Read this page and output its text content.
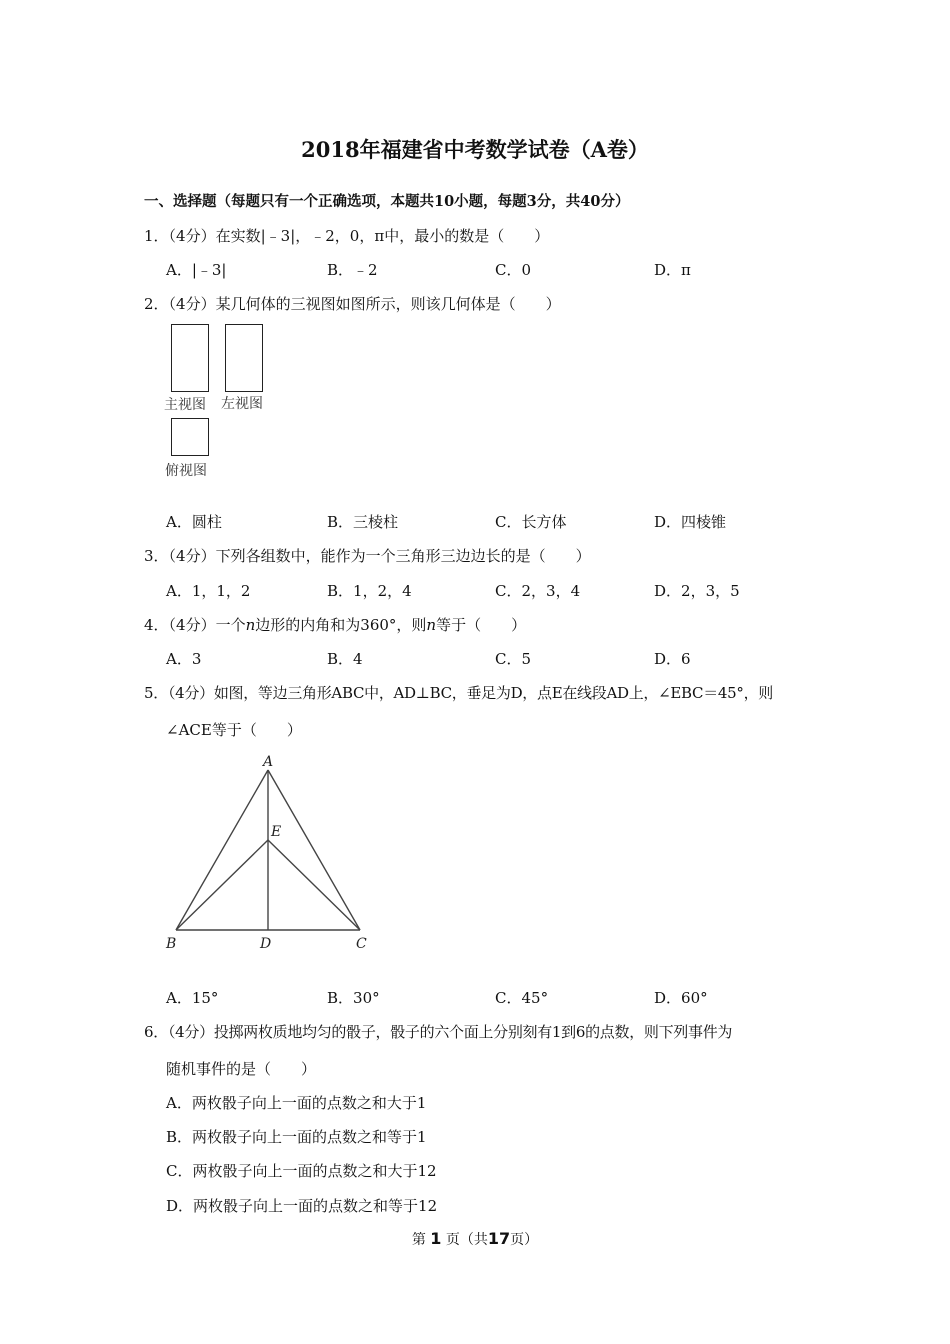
2018年福建省中考数学试卷（A卷）
一、选择题（每题只有一个正确选项，本题共10小题，每题3分，共40分）
1．（4分）在实数|﹣3|，﹣2，0，π中，最小的数是（　　）
A．|﹣3|	B．﹣2	C．0	D．π
2．（4分）某几何体的三视图如图所示，则该几何体是（　　）
主视图 左视图
俯视图
A．圆柱	B．三棱柱	C．长方体	D．四棱锥
3．（4分）下列各组数中，能作为一个三角形三边边长的是（　　）
A．1，1，2	B．1，2，4	C．2，3，4	D．2，3，5
4．（4分）一个n边形的内角和为360°，则n等于（　　）
A．3	B．4	C．5	D．6
5．（4分）如图，等边三角形ABC中，AD⊥BC，垂足为D，点E在线段AD上，∠EBC＝45°，则
∠ACE等于（　　）
A
E
B	D	C
A．15°	B．30°	C．45°	D．60°
6．（4分）投掷两枚质地均匀的骰子，骰子的六个面上分别刻有1到6的点数，则下列事件为
随机事件的是（　　）
A．两枚骰子向上一面的点数之和大于1
B．两枚骰子向上一面的点数之和等于1
C．两枚骰子向上一面的点数之和大于12
D．两枚骰子向上一面的点数之和等于12
第 1 页（共17页）
